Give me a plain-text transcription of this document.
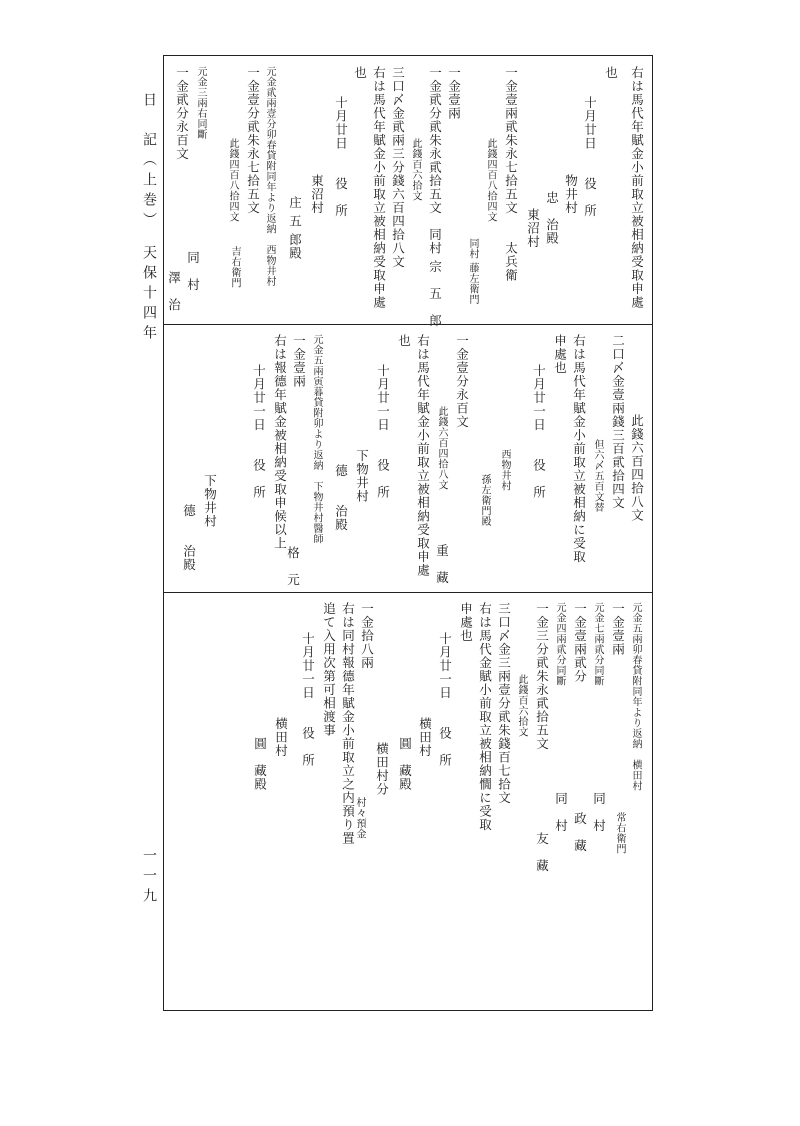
日　記（上巻）　天保十四年
一一九
右は馬代年賦金小前取立被相納受取申處
也
十月廿日　　役　所
物井村
忠　治殿
東沼村
一金壹兩貮朱永七拾五文　　太兵衛
此錢四百八拾四文
同村 藤左衛門
一金壹兩
一金貮分貮朱永貮拾五文　同村 宗　五　郎
此錢百六拾文
三口〆金貮兩三分錢六百四拾八文
右は馬代年賦金小前取立被相納受取申處
也
十月廿日　　役　所
東沼村
庄 五 郎殿
元金貮兩壹分卯春貸附同年より返納　西物井村
一金壹分貮朱永七拾五文
吉右衛門
此錢四百八拾四文
元金三兩右同斷
同　村
一金貮分永百文
澤　治
此錢六百四拾八文
二口〆金壹兩錢三百貮拾四文
但六〆五百文替
右は馬代年賦金小前取立被相納に受取
申處也
十月廿一日　　役　所
西物井村
孫左衛門殿
一金壹分永百文
此錢六百四拾八文
重　藏
右は馬代年賦金小前取立被相納受取申處
也
十月廿一日　　役　所
下物井村
德　　治殿
元金五兩寅暮貸附卯より返納　下物井村醫師
一金壹兩
格　元
右は報德年賦金被相納受取申候以上
十月廿一日　　役　所
下物井村
德　　治殿
元金五兩卯春貸附同年より返納　横田村
常右衛門
一金壹兩
元金七兩貮分同斷
同　村
一金壹兩貮分
政　藏
元金四兩貮分同斷
同　村
一金三分貮朱永貮拾五文
友　藏
此錢百六拾文
三口〆金三兩壹分貮朱錢百七拾文
右は馬代金賦小前取立被相納憪に受取
申處也
十月廿一日　　役　所
横田村
圓　藏殿
横田村分
一金拾八兩
村々預金
右は同村報德年賦金小前取立之内預り置
追て入用次第可相渡事
十月廿一日　　役　所
横田村
圓　藏殿
